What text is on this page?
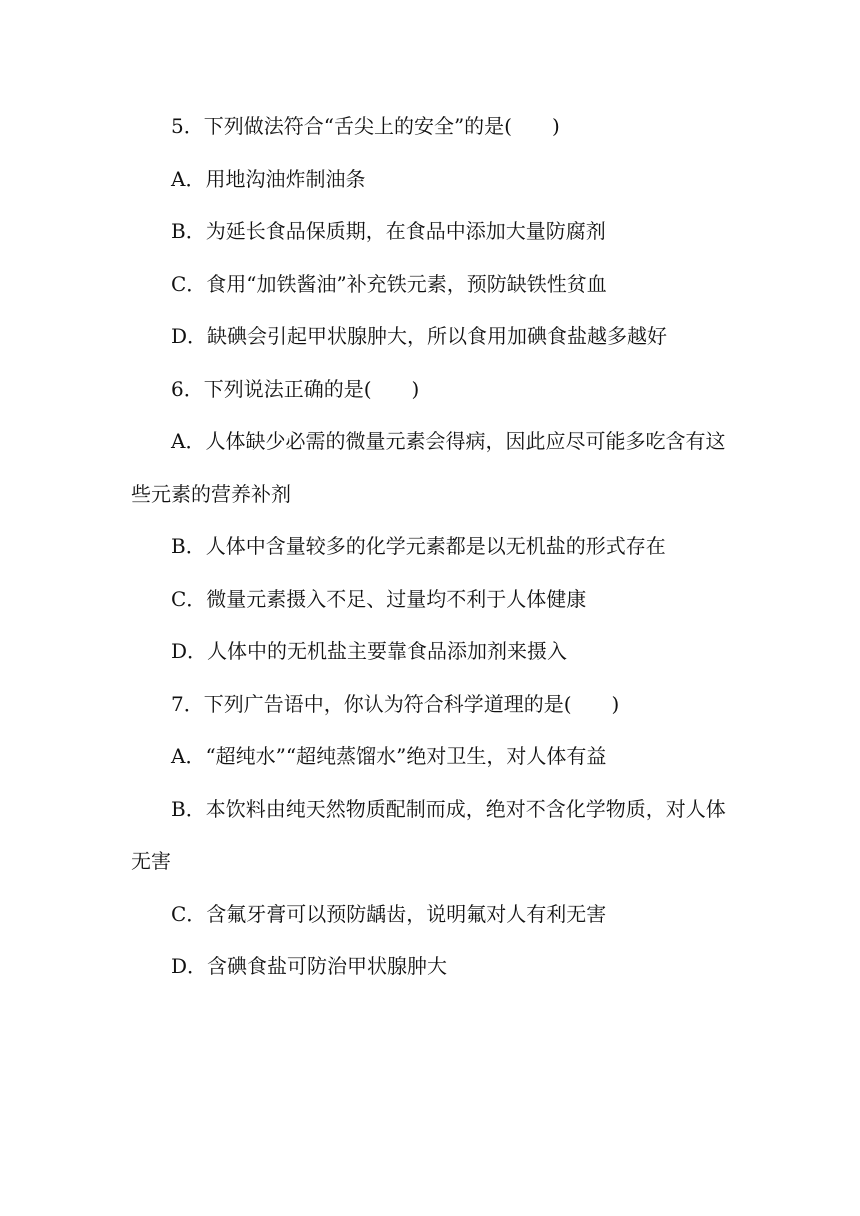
5．下列做法符合“舌尖上的安全”的是(　　)

A．用地沟油炸制油条

B．为延长食品保质期，在食品中添加大量防腐剂

C．食用“加铁酱油”补充铁元素，预防缺铁性贫血

D．缺碘会引起甲状腺肿大，所以食用加碘食盐越多越好

6．下列说法正确的是(　　)

A．人体缺少必需的微量元素会得病，因此应尽可能多吃含有这些元素的营养补剂

B．人体中含量较多的化学元素都是以无机盐的形式存在

C．微量元素摄入不足、过量均不利于人体健康

D．人体中的无机盐主要靠食品添加剂来摄入

7．下列广告语中，你认为符合科学道理的是(　　)

A．“超纯水”“超纯蒸馏水”绝对卫生，对人体有益

B．本饮料由纯天然物质配制而成，绝对不含化学物质，对人体无害

C．含氟牙膏可以预防龋齿，说明氟对人有利无害

D．含碘食盐可防治甲状腺肿大
